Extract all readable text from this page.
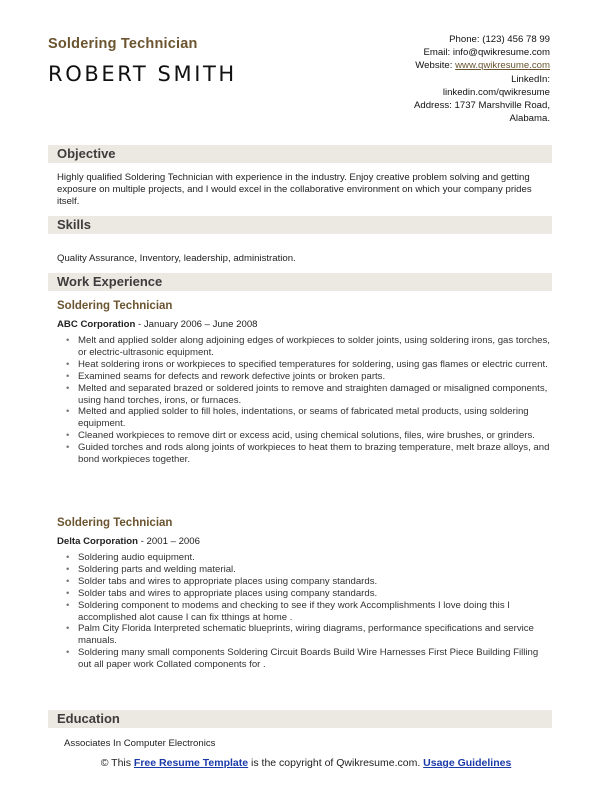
Soldering Technician
ROBERT SMITH
Phone: (123) 456 78 99
Email: info@qwikresume.com
Website: www.qwikresume.com
LinkedIn:
linkedin.com/qwikresume
Address: 1737 Marshville Road,
Alabama.
Objective
Highly qualified Soldering Technician with experience in the industry. Enjoy creative problem solving and getting exposure on multiple projects, and I would excel in the collaborative environment on which your company prides itself.
Skills
Quality Assurance, Inventory, leadership, administration.
Work Experience
Soldering Technician
ABC Corporation - January 2006 – June 2008
• Melt and applied solder along adjoining edges of workpieces to solder joints, using soldering irons, gas torches, or electric-ultrasonic equipment.
• Heat soldering irons or workpieces to specified temperatures for soldering, using gas flames or electric current.
• Examined seams for defects and rework defective joints or broken parts.
• Melted and separated brazed or soldered joints to remove and straighten damaged or misaligned components, using hand torches, irons, or furnaces.
• Melted and applied solder to fill holes, indentations, or seams of fabricated metal products, using soldering equipment.
• Cleaned workpieces to remove dirt or excess acid, using chemical solutions, files, wire brushes, or grinders.
• Guided torches and rods along joints of workpieces to heat them to brazing temperature, melt braze alloys, and bond workpieces together.
Soldering Technician
Delta Corporation - 2001 – 2006
• Soldering audio equipment.
• Soldering parts and welding material.
• Solder tabs and wires to appropriate places using company standards.
• Solder tabs and wires to appropriate places using company standards.
• Soldering component to modems and checking to see if they work Accomplishments I love doing this I accomplished alot cause I can fix tthings at home .
• Palm City Florida Interpreted schematic blueprints, wiring diagrams, performance specifications and service manuals.
• Soldering many small components Soldering Circuit Boards Build Wire Harnesses First Piece Building Filling out all paper work Collated components for .
Education
Associates In Computer Electronics
© This Free Resume Template is the copyright of Qwikresume.com. Usage Guidelines
